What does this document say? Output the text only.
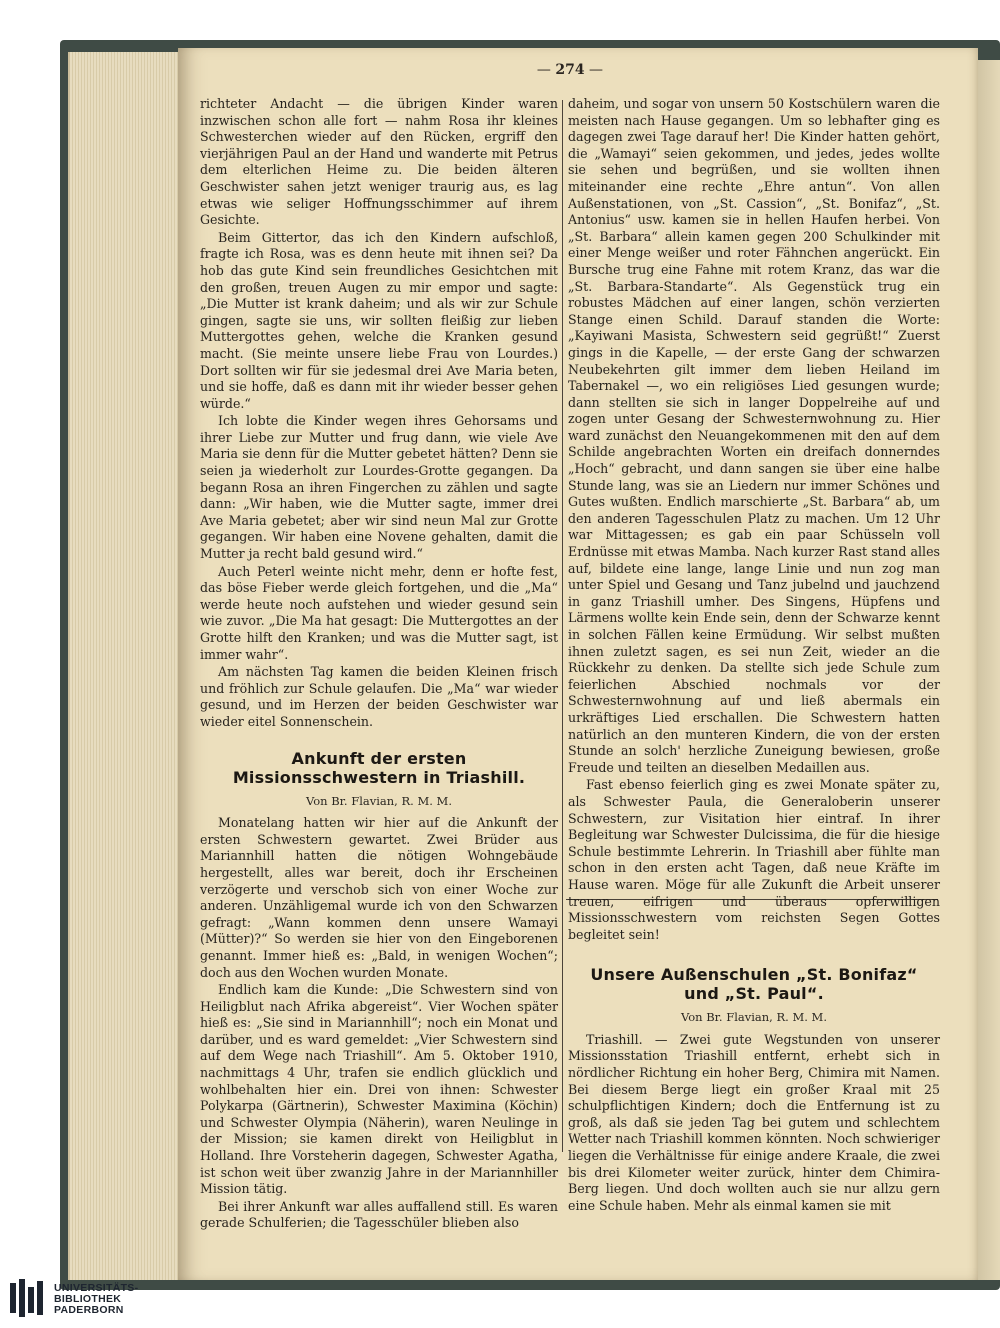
— 274 —

richteter Andacht — die übrigen Kinder waren inzwischen schon alle fort — nahm Rosa ihr kleines Schwesterchen wieder auf den Rücken, ergriff den vierjährigen Paul an der Hand und wanderte mit Petrus dem elterlichen Heime zu. Die beiden älteren Geschwister sahen jetzt weniger traurig aus, es lag etwas wie seliger Hoffnungsschimmer auf ihrem Gesichte.

Beim Gittertor, das ich den Kindern aufschloß, fragte ich Rosa, was es denn heute mit ihnen sei? Da hob das gute Kind sein freundliches Gesichtchen mit den großen, treuen Augen zu mir empor und sagte: „Die Mutter ist krank daheim; und als wir zur Schule gingen, sagte sie uns, wir sollten fleißig zur lieben Muttergottes gehen, welche die Kranken gesund macht. (Sie meinte unsere liebe Frau von Lourdes.) Dort sollten wir für sie jedesmal drei Ave Maria beten, und sie hoffe, daß es dann mit ihr wieder besser gehen würde.“

Ich lobte die Kinder wegen ihres Gehorsams und ihrer Liebe zur Mutter und frug dann, wie viele Ave Maria sie denn für die Mutter gebetet hätten? Denn sie seien ja wiederholt zur Lourdes-Grotte gegangen. Da begann Rosa an ihren Fingerchen zu zählen und sagte dann: „Wir haben, wie die Mutter sagte, immer drei Ave Maria gebetet; aber wir sind neun Mal zur Grotte gegangen. Wir haben eine Novene gehalten, damit die Mutter ja recht bald gesund wird.“

Auch Peterl weinte nicht mehr, denn er hofte fest, das böse Fieber werde gleich fortgehen, und die „Ma“ werde heute noch aufstehen und wieder gesund sein wie zuvor. „Die Ma hat gesagt: Die Muttergottes an der Grotte hilft den Kranken; und was die Mutter sagt, ist immer wahr“.

Am nächsten Tag kamen die beiden Kleinen frisch und fröhlich zur Schule gelaufen. Die „Ma“ war wieder gesund, und im Herzen der beiden Geschwister war wieder eitel Sonnenschein.

Ankunft der ersten Missionsschwestern in Triashill.

Von Br. Flavian, R. M. M.

Monatelang hatten wir hier auf die Ankunft der ersten Schwestern gewartet. Zwei Brüder aus Mariannhill hatten die nötigen Wohngebäude hergestellt, alles war bereit, doch ihr Erscheinen verzögerte und verschob sich von einer Woche zur anderen. Unzähligemal wurde ich von den Schwarzen gefragt: „Wann kommen denn unsere Wamayi (Mütter)?“ So werden sie hier von den Eingeborenen genannt. Immer hieß es: „Bald, in wenigen Wochen“; doch aus den Wochen wurden Monate.

Endlich kam die Kunde: „Die Schwestern sind von Heiligblut nach Afrika abgereist“. Vier Wochen später hieß es: „Sie sind in Mariannhill“; noch ein Monat und darüber, und es ward gemeldet: „Vier Schwestern sind auf dem Wege nach Triashill“. Am 5. Oktober 1910, nachmittags 4 Uhr, trafen sie endlich glücklich und wohlbehalten hier ein. Drei von ihnen: Schwester Polykarpa (Gärtnerin), Schwester Maximina (Köchin) und Schwester Olympia (Näherin), waren Neulinge in der Mission; sie kamen direkt von Heiligblut in Holland. Ihre Vorsteherin dagegen, Schwester Agatha, ist schon weit über zwanzig Jahre in der Mariannhiller Mission tätig.

Bei ihrer Ankunft war alles auffallend still. Es waren gerade Schulferien; die Tagesschüler blieben also

daheim, und sogar von unsern 50 Kostschülern waren die meisten nach Hause gegangen. Um so lebhafter ging es dagegen zwei Tage darauf her! Die Kinder hatten gehört, die „Wamayi“ seien gekommen, und jedes, jedes wollte sie sehen und begrüßen, und sie wollten ihnen miteinander eine rechte „Ehre antun“. Von allen Außenstationen, von „St. Cassion“, „St. Bonifaz“, „St. Antonius“ usw. kamen sie in hellen Haufen herbei. Von „St. Barbara“ allein kamen gegen 200 Schulkinder mit einer Menge weißer und roter Fähnchen angerückt. Ein Bursche trug eine Fahne mit rotem Kranz, das war die „St. Barbara-Standarte“. Als Gegenstück trug ein robustes Mädchen auf einer langen, schön verzierten Stange einen Schild. Darauf standen die Worte: „Kayiwani Masista, Schwestern seid gegrüßt!“ Zuerst gings in die Kapelle, — der erste Gang der schwarzen Neubekehrten gilt immer dem lieben Heiland im Tabernakel —, wo ein religiöses Lied gesungen wurde; dann stellten sie sich in langer Doppelreihe auf und zogen unter Gesang der Schwesternwohnung zu. Hier ward zunächst den Neuangekommenen mit den auf dem Schilde angebrachten Worten ein dreifach donnerndes „Hoch“ gebracht, und dann sangen sie über eine halbe Stunde lang, was sie an Liedern nur immer Schönes und Gutes wußten. Endlich marschierte „St. Barbara“ ab, um den anderen Tagesschulen Platz zu machen. Um 12 Uhr war Mittagessen; es gab ein paar Schüsseln voll Erdnüsse mit etwas Mamba. Nach kurzer Rast stand alles auf, bildete eine lange, lange Linie und nun zog man unter Spiel und Gesang und Tanz jubelnd und jauchzend in ganz Triashill umher. Des Singens, Hüpfens und Lärmens wollte kein Ende sein, denn der Schwarze kennt in solchen Fällen keine Ermüdung. Wir selbst mußten ihnen zuletzt sagen, es sei nun Zeit, wieder an die Rückkehr zu denken. Da stellte sich jede Schule zum feierlichen Abschied nochmals vor der Schwesternwohnung auf und ließ abermals ein urkräftiges Lied erschallen. Die Schwestern hatten natürlich an den munteren Kindern, die von der ersten Stunde an solch' herzliche Zuneigung bewiesen, große Freude und teilten an dieselben Medaillen aus.

Fast ebenso feierlich ging es zwei Monate später zu, als Schwester Paula, die Generaloberin unserer Schwestern, zur Visitation hier eintraf. In ihrer Begleitung war Schwester Dulcissima, die für die hiesige Schule bestimmte Lehrerin. In Triashill aber fühlte man schon in den ersten acht Tagen, daß neue Kräfte im Hause waren. Möge für alle Zukunft die Arbeit unserer treuen, eifrigen und überaus opferwilligen Missionsschwestern vom reichsten Segen Gottes begleitet sein!

Unsere Außenschulen „St. Bonifaz“ und „St. Paul“.

Von Br. Flavian, R. M. M.

Triashill. — Zwei gute Wegstunden von unserer Missionsstation Triashill entfernt, erhebt sich in nördlicher Richtung ein hoher Berg, Chimira mit Namen. Bei diesem Berge liegt ein großer Kraal mit 25 schulpflichtigen Kindern; doch die Entfernung ist zu groß, als daß sie jeden Tag bei gutem und schlechtem Wetter nach Triashill kommen könnten. Noch schwieriger liegen die Verhältnisse für einige andere Kraale, die zwei bis drei Kilometer weiter zurück, hinter dem Chimira-Berg liegen. Und doch wollten auch sie nur allzu gern eine Schule haben. Mehr als einmal kamen sie mit

UNIVERSITÄTS-
BIBLIOTHEK
PADERBORN
